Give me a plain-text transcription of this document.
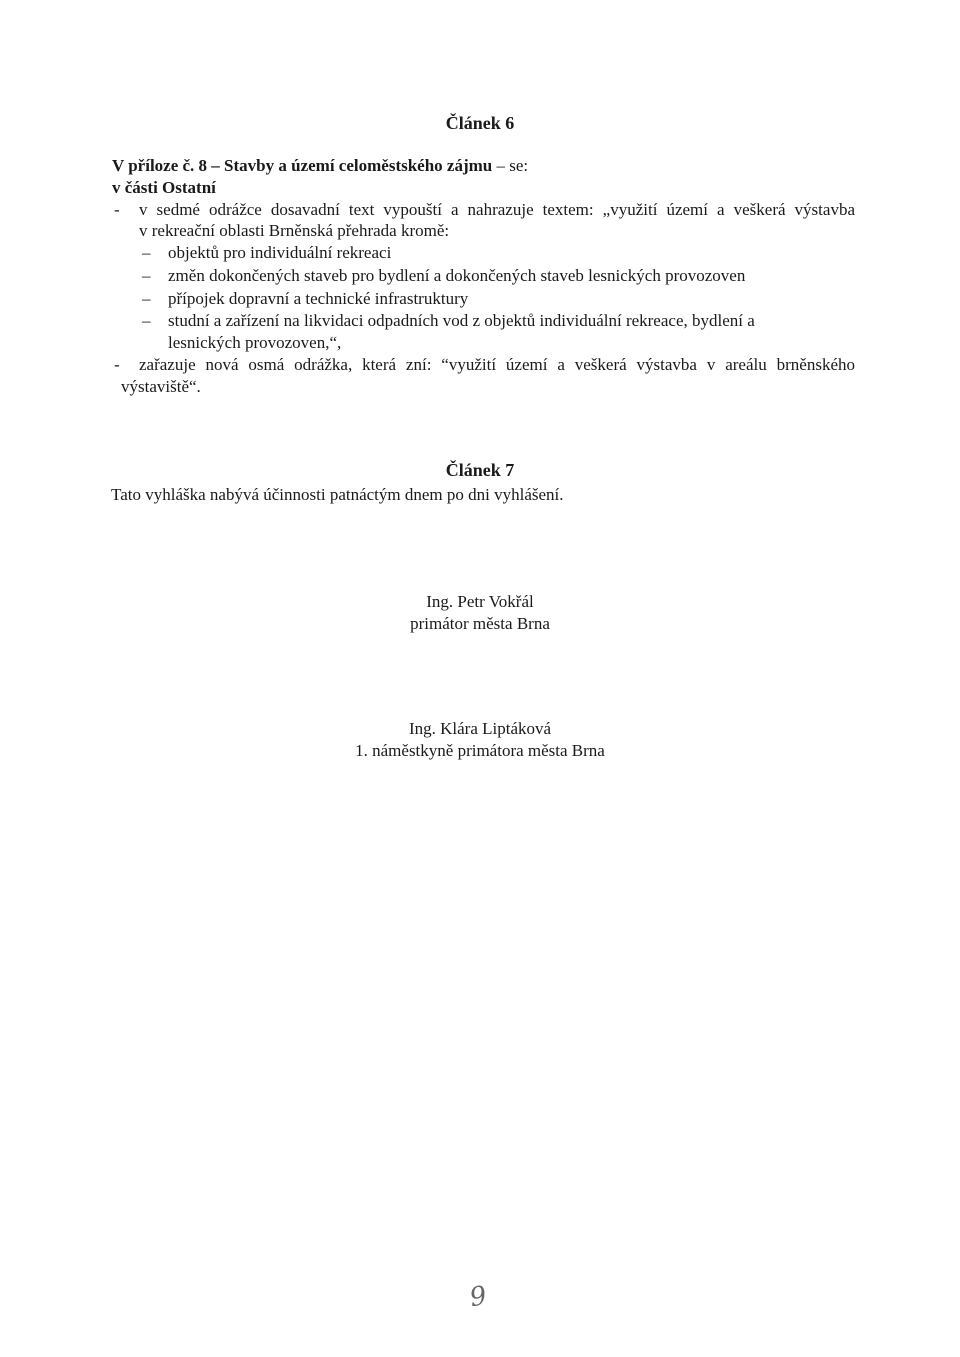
Článek 6
V příloze č. 8 – Stavby a území celoměstského zájmu – se:
v části Ostatní
- v sedmé odrážce dosavadní text vypouští a nahrazuje textem: „využití území a veškerá výstavba
v rekreační oblasti Brněnská přehrada kromě:
– objektů pro individuální rekreaci
– změn dokončených staveb pro bydlení a dokončených staveb lesnických provozoven
– přípojek dopravní a technické infrastruktury
– studní a zařízení na likvidaci odpadních vod z objektů individuální rekreace, bydlení a
lesnických provozoven,“,
- zařazuje nová osmá odrážka, která zní: “využití území a veškerá výstavba v areálu brněnského
výstaviště“.
Článek 7
Tato vyhláška nabývá účinnosti patnáctým dnem po dni vyhlášení.
Ing. Petr Vokřál
primátor města Brna
Ing. Klára Liptáková
1. náměstkyně primátora města Brna
9
